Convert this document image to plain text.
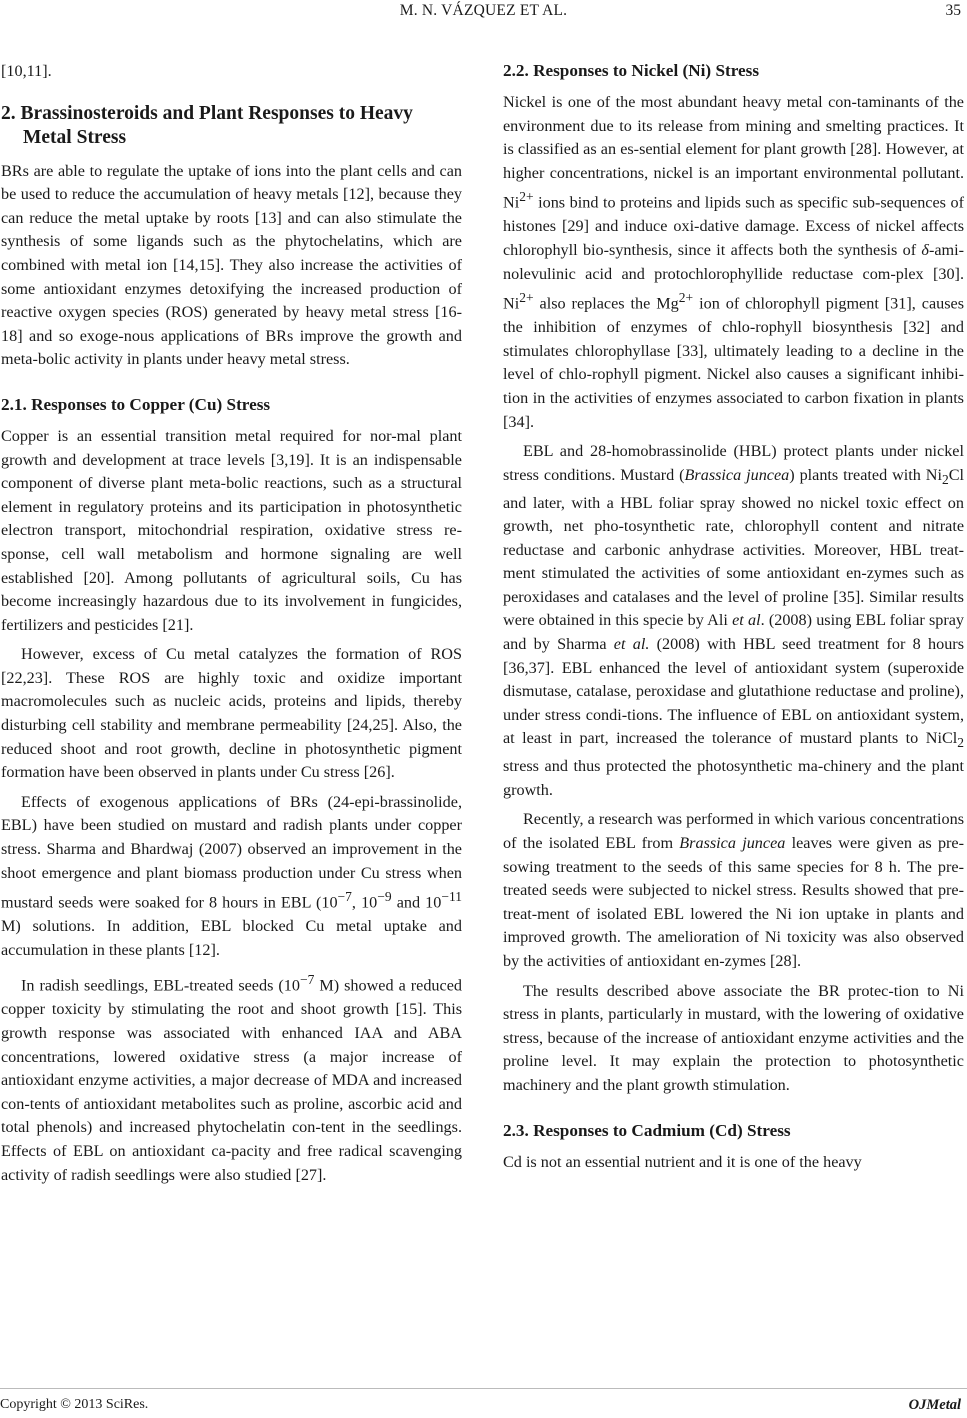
M. N. VÁZQUEZ ET AL.	35

[10,11].

2. Brassinosteroids and Plant Responses to Heavy Metal Stress

BRs are able to regulate the uptake of ions into the plant cells and can be used to reduce the accumulation of heavy metals [12], because they can reduce the metal uptake by roots [13] and can also stimulate the synthesis of some ligands such as the phytochelatins, which are combined with metal ion [14,15]. They also increase the activities of some antioxidant enzymes detoxifying the increased production of reactive oxygen species (ROS) generated by heavy metal stress [16-18] and so exoge-nous applications of BRs improve the growth and meta-bolic activity in plants under heavy metal stress.

2.1. Responses to Copper (Cu) Stress

Copper is an essential transition metal required for nor-mal plant growth and development at trace levels [3,19]. It is an indispensable component of diverse plant meta-bolic reactions, such as a structural element in regulatory proteins and its participation in photosynthetic electron transport, mitochondrial respiration, oxidative stress re-sponse, cell wall metabolism and hormone signaling are well established [20]. Among pollutants of agricultural soils, Cu has become increasingly hazardous due to its involvement in fungicides, fertilizers and pesticides [21].

However, excess of Cu metal catalyzes the formation of ROS [22,23]. These ROS are highly toxic and oxidize important macromolecules such as nucleic acids, proteins and lipids, thereby disturbing cell stability and membrane permeability [24,25]. Also, the reduced shoot and root growth, decline in photosynthetic pigment formation have been observed in plants under Cu stress [26].

Effects of exogenous applications of BRs (24-epi-brassinolide, EBL) have been studied on mustard and radish plants under copper stress. Sharma and Bhardwaj (2007) observed an improvement in the shoot emergence and plant biomass production under Cu stress when mustard seeds were soaked for 8 hours in EBL ($10^{-7}$, $10^{-9}$ and $10^{-11}$ M) solutions. In addition, EBL blocked Cu metal uptake and accumulation in these plants [12].

In radish seedlings, EBL-treated seeds ($10^{-7}$ M) showed a reduced copper toxicity by stimulating the root and shoot growth [15]. This growth response was associated with enhanced IAA and ABA concentrations, lowered oxidative stress (a major increase of antioxidant enzyme activities, a major decrease of MDA and increased con-tents of antioxidant metabolites such as proline, ascorbic acid and total phenols) and increased phytochelatin con-tent in the seedlings. Effects of EBL on antioxidant ca-pacity and free radical scavenging activity of radish seedlings were also studied [27].

2.2. Responses to Nickel (Ni) Stress

Nickel is one of the most abundant heavy metal con-taminants of the environment due to its release from mining and smelting practices. It is classified as an es-sential element for plant growth [28]. However, at higher concentrations, nickel is an important environmental pollutant. $Ni^{2+}$ ions bind to proteins and lipids such as specific sub-sequences of histones [29] and induce oxi-dative damage. Excess of nickel affects chlorophyll bio-synthesis, since it affects both the synthesis of δ-ami-nolevulinic acid and protochlorophyllide reductase com-plex [30]. $Ni^{2+}$ also replaces the $Mg^{2+}$ ion of chlorophyll pigment [31], causes the inhibition of enzymes of chlo-rophyll biosynthesis [32] and stimulates chlorophyllase [33], ultimately leading to a decline in the level of chlo-rophyll pigment. Nickel also causes a significant inhibi-tion in the activities of enzymes associated to carbon fixation in plants [34].

EBL and 28-homobrassinolide (HBL) protect plants under nickel stress conditions. Mustard (Brassica juncea) plants treated with $Ni_2Cl$ and later, with a HBL foliar spray showed no nickel toxic effect on growth, net pho-tosynthetic rate, chlorophyll content and nitrate reductase and carbonic anhydrase activities. Moreover, HBL treat-ment stimulated the activities of some antioxidant en-zymes such as peroxidases and catalases and the level of proline [35]. Similar results were obtained in this specie by Ali et al. (2008) using EBL foliar spray and by Sharma et al. (2008) with HBL seed treatment for 8 hours [36,37]. EBL enhanced the level of antioxidant system (superoxide dismutase, catalase, peroxidase and glutathione reductase and proline), under stress condi-tions. The influence of EBL on antioxidant system, at least in part, increased the tolerance of mustard plants to NiCl$_2$ stress and thus protected the photosynthetic ma-chinery and the plant growth.

Recently, a research was performed in which various concentrations of the isolated EBL from Brassica juncea leaves were given as pre-sowing treatment to the seeds of this same species for 8 h. The pre-treated seeds were subjected to nickel stress. Results showed that pre-treat-ment of isolated EBL lowered the Ni ion uptake in plants and improved growth. The amelioration of Ni toxicity was also observed by the activities of antioxidant en-zymes [28].

The results described above associate the BR protec-tion to Ni stress in plants, particularly in mustard, with the lowering of oxidative stress, because of the increase of antioxidant enzyme activities and the proline level. It may explain the protection to photosynthetic machinery and the plant growth stimulation.

2.3. Responses to Cadmium (Cd) Stress

Cd is not an essential nutrient and it is one of the heavy

Copyright © 2013 SciRes.	OJMetal
